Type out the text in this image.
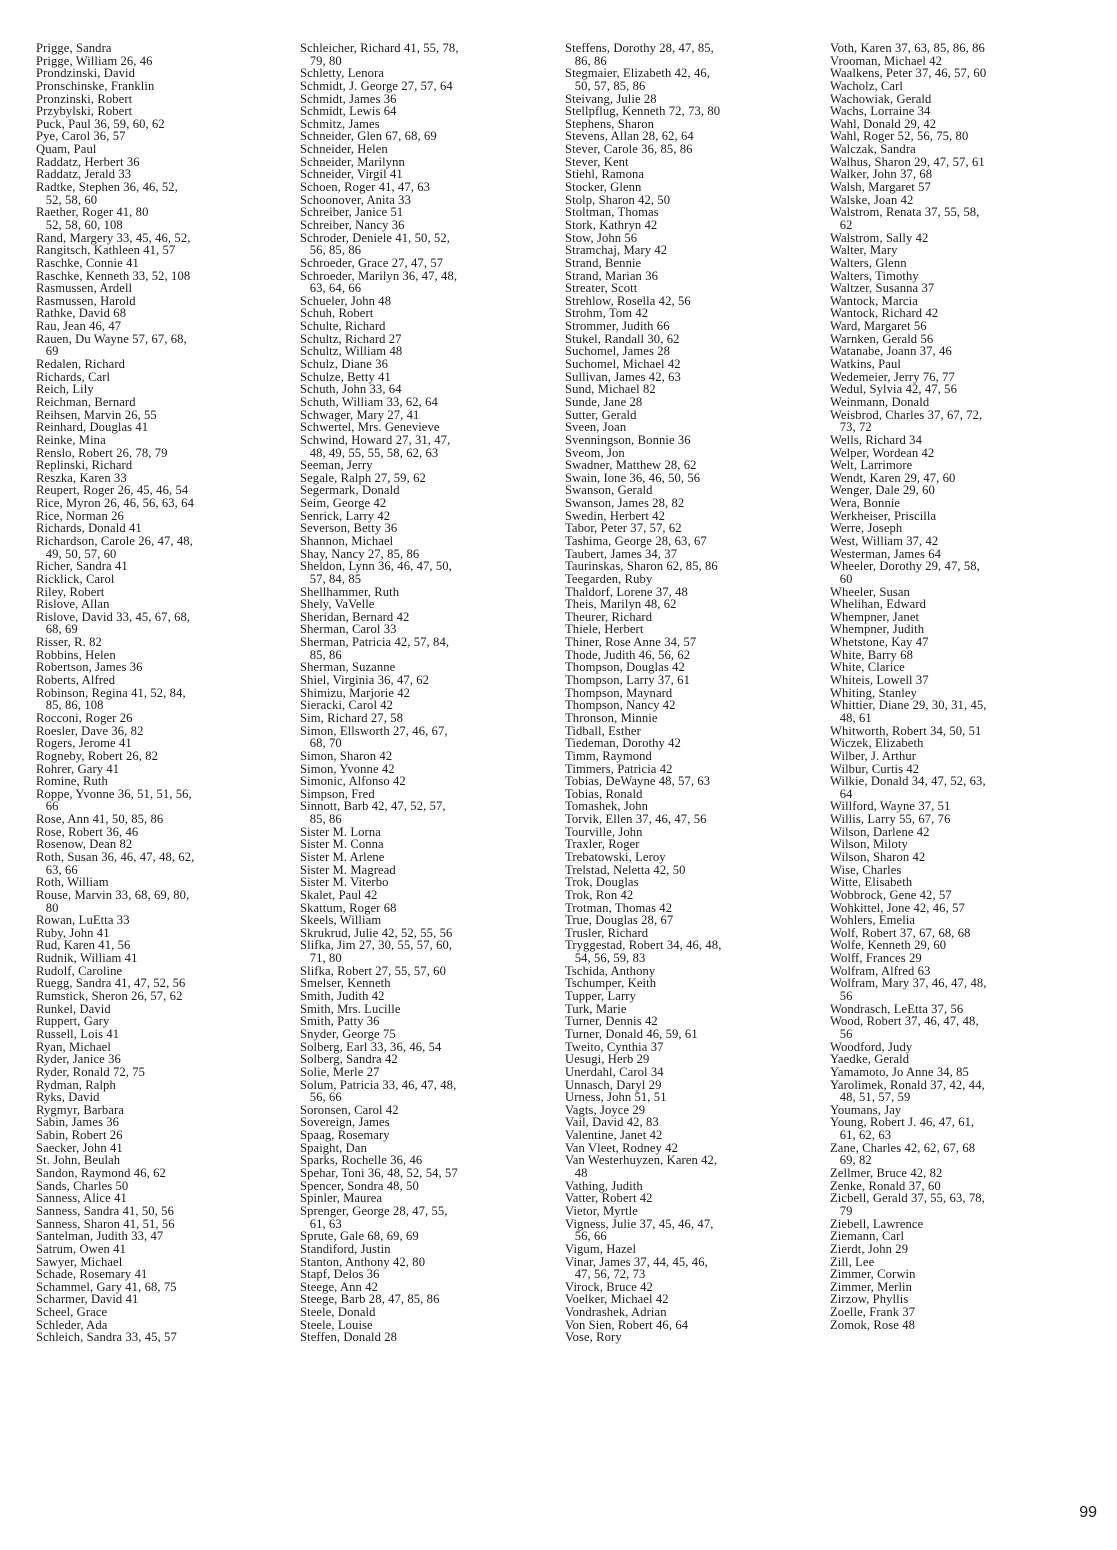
Prigge, Sandra
Prigge, William 26, 46
Prondzinski, David
Pronschinske, Franklin
Pronzinski, Robert
Przybylski, Robert
Puck, Paul 36, 59, 60, 62
Pye, Carol 36, 57
Quam, Paul
Raddatz, Herbert 36
Raddatz, Jerald 33
Radtke, Stephen 36, 46, 52,
52, 58, 60
Raether, Roger 41, 80
52, 58, 60, 108
Rand, Margery 33, 45, 46, 52,
Rangitsch, Kathleen 41, 57
Raschke, Connie 41
Raschke, Kenneth 33, 52, 108
Rasmussen, Ardell
Rasmussen, Harold
Rathke, David 68
Rau, Jean 46, 47
Rauen, Du Wayne 57, 67, 68,
69
Redalen, Richard
Richards, Carl
Reich, Lily
Reichman, Bernard
Reihsen, Marvin 26, 55
Reinhard, Douglas 41
Reinke, Mina
Renslo, Robert 26, 78, 79
Replinski, Richard
Reszka, Karen 33
Reupert, Roger 26, 45, 46, 54
Rice, Myron 26, 46, 56, 63, 64
Rice, Norman 26
Richards, Donald 41
Richardson, Carole 26, 47, 48,
49, 50, 57, 60
Richer, Sandra 41
Ricklick, Carol
Riley, Robert
Rislove, Allan
Rislove, David 33, 45, 67, 68,
68, 69
Risser, R. 82
Robbins, Helen
Robertson, James 36
Roberts, Alfred
Robinson, Regina 41, 52, 84,
85, 86, 108
Rocconi, Roger 26
Roesler, Dave 36, 82
Rogers, Jerome 41
Rogneby, Robert 26, 82
Rohrer, Gary 41
Romine, Ruth
Roppe, Yvonne 36, 51, 51, 56,
66
Rose, Ann 41, 50, 85, 86
Rose, Robert 36, 46
Rosenow, Dean 82
Roth, Susan 36, 46, 47, 48, 62,
63, 66
Roth, William
Rouse, Marvin 33, 68, 69, 80,
80
Rowan, LuEtta 33
Ruby, John 41
Rud, Karen 41, 56
Rudnik, William 41
Rudolf, Caroline
Ruegg, Sandra 41, 47, 52, 56
Rumstick, Sheron 26, 57, 62
Runkel, David
Ruppert, Gary
Russell, Lois 41
Ryan, Michael
Ryder, Janice 36
Ryder, Ronald 72, 75
Rydman, Ralph
Ryks, David
Rygmyr, Barbara
Sabin, James 36
Sabin, Robert 26
Saecker, John 41
St. John, Beulah
Sandon, Raymond 46, 62
Sands, Charles 50
Sanness, Alice 41
Sanness, Sandra 41, 50, 56
Sanness, Sharon 41, 51, 56
Santelman, Judith 33, 47
Satrum, Owen 41
Sawyer, Michael
Schade, Rosemary 41
Schammel, Gary 41, 68, 75
Scharmer, David 41
Scheel, Grace
Schleder, Ada
Schleich, Sandra 33, 45, 57
Schleicher, Richard 41, 55, 78,
79, 80
Schletty, Lenora
Schmidt, J. George 27, 57, 64
Schmidt, James 36
Schmidt, Lewis 64
Schmitz, James
Schneider, Glen 67, 68, 69
Schneider, Helen
Schneider, Marilynn
Schneider, Virgil 41
Schoen, Roger 41, 47, 63
Schoonover, Anita 33
Schreiber, Janice 51
Schreiber, Nancy 36
Schroder, Deniele 41, 50, 52,
56, 85, 86
Schroeder, Grace 27, 47, 57
Schroeder, Marilyn 36, 47, 48,
63, 64, 66
Schueler, John 48
Schuh, Robert
Schulte, Richard
Schultz, Richard 27
Schultz, William 48
Schulz, Diane 36
Schulze, Betty 41
Schuth, John 33, 64
Schuth, William 33, 62, 64
Schwager, Mary 27, 41
Schwertel, Mrs. Genevieve
Schwind, Howard 27, 31, 47,
48, 49, 55, 55, 58, 62, 63
Seeman, Jerry
Segale, Ralph 27, 59, 62
Segermark, Donald
Seim, George 42
Senrick, Larry 42
Severson, Betty 36
Shannon, Michael
Shay, Nancy 27, 85, 86
Sheldon, Lynn 36, 46, 47, 50,
57, 84, 85
Shellhammer, Ruth
Shely, VaVelle
Sheridan, Bernard 42
Sherman, Carol 33
Sherman, Patricia 42, 57, 84,
85, 86
Sherman, Suzanne
Shiel, Virginia 36, 47, 62
Shimizu, Marjorie 42
Sieracki, Carol 42
Sim, Richard 27, 58
Simon, Ellsworth 27, 46, 67,
68, 70
Simon, Sharon 42
Simon, Yvonne 42
Simonic, Alfonso 42
Simpson, Fred
Sinnott, Barb 42, 47, 52, 57,
85, 86
Sister M. Lorna
Sister M. Conna
Sister M. Arlene
Sister M. Magread
Sister M. Viterbo
Skalet, Paul 42
Skattum, Roger 68
Skeels, William
Skrukrud, Julie 42, 52, 55, 56
Slifka, Jim 27, 30, 55, 57, 60,
71, 80
Slifka, Robert 27, 55, 57, 60
Smelser, Kenneth
Smith, Judith 42
Smith, Mrs. Lucille
Smith, Patty 36
Snyder, George 75
Solberg, Earl 33, 36, 46, 54
Solberg, Sandra 42
Solie, Merle 27
Solum, Patricia 33, 46, 47, 48,
56, 66
Soronsen, Carol 42
Sovereign, James
Spaag, Rosemary
Spaight, Dan
Sparks, Rochelle 36, 46
Spehar, Toni 36, 48, 52, 54, 57
Spencer, Sondra 48, 50
Spinler, Maurea
Sprenger, George 28, 47, 55,
61, 63
Sprute, Gale 68, 69, 69
Standiford, Justin
Stanton, Anthony 42, 80
Stapf, Delos 36
Steege, Ann 42
Steege, Barb 28, 47, 85, 86
Steele, Donald
Steele, Louise
Steffen, Donald 28
Steffens, Dorothy 28, 47, 85,
86, 86
Stegmaier, Elizabeth 42, 46,
50, 57, 85, 86
Steivang, Julie 28
Stellpflug, Kenneth 72, 73, 80
Stephens, Sharon
Stevens, Allan 28, 62, 64
Stever, Carole 36, 85, 86
Stever, Kent
Stiehl, Ramona
Stocker, Glenn
Stolp, Sharon 42, 50
Stoltman, Thomas
Stork, Kathryn 42
Stow, John 56
Stramchaj, Mary 42
Strand, Bennie
Strand, Marian 36
Streater, Scott
Strehlow, Rosella 42, 56
Strohm, Tom 42
Strommer, Judith 66
Stukel, Randall 30, 62
Suchomel, James 28
Suchomel, Michael 42
Sullivan, James 42, 63
Sund, Michael 82
Sunde, Jane 28
Sutter, Gerald
Sveen, Joan
Svenningson, Bonnie 36
Sveom, Jon
Swadner, Matthew 28, 62
Swain, Ione 36, 46, 50, 56
Swanson, Gerald
Swanson, James 28, 82
Swedin, Herbert 42
Tabor, Peter 37, 57, 62
Tashima, George 28, 63, 67
Taubert, James 34, 37
Taurinskas, Sharon 62, 85, 86
Teegarden, Ruby
Thaldorf, Lorene 37, 48
Theis, Marilyn 48, 62
Theurer, Richard
Thiele, Herbert
Thiner, Rose Anne 34, 57
Thode, Judith 46, 56, 62
Thompson, Douglas 42
Thompson, Larry 37, 61
Thompson, Maynard
Thompson, Nancy 42
Thronson, Minnie
Tidball, Esther
Tiedeman, Dorothy 42
Timm, Raymond
Timmers, Patricia 42
Tobias, DeWayne 48, 57, 63
Tobias, Ronald
Tomashek, John
Torvik, Ellen 37, 46, 47, 56
Tourville, John
Traxler, Roger
Trebatowski, Leroy
Trelstad, Neletta 42, 50
Trok, Douglas
Trok, Ron 42
Trotman, Thomas 42
True, Douglas 28, 67
Trusler, Richard
Tryggestad, Robert 34, 46, 48,
54, 56, 59, 83
Tschida, Anthony
Tschumper, Keith
Tupper, Larry
Turk, Marie
Turner, Dennis 42
Turner, Donald 46, 59, 61
Tweito, Cynthia 37
Uesugi, Herb 29
Unerdahl, Carol 34
Unnasch, Daryl 29
Urness, John 51, 51
Vagts, Joyce 29
Vail, David 42, 83
Valentine, Janet 42
Van Vleet, Rodney 42
Van Westerhuyzen, Karen 42,
48
Vathing, Judith
Vatter, Robert 42
Vietor, Myrtle
Vigness, Julie 37, 45, 46, 47,
56, 66
Vigum, Hazel
Vinar, James 37, 44, 45, 46,
47, 56, 72, 73
Virock, Bruce 42
Voelker, Michael 42
Vondrashek, Adrian
Von Sien, Robert 46, 64
Vose, Rory
Voth, Karen 37, 63, 85, 86, 86
Vrooman, Michael 42
Waalkens, Peter 37, 46, 57, 60
Wacholz, Carl
Wachowiak, Gerald
Wachs, Lorraine 34
Wahl, Donald 29, 42
Wahl, Roger 52, 56, 75, 80
Walczak, Sandra
Walhus, Sharon 29, 47, 57, 61
Walker, John 37, 68
Walsh, Margaret 57
Walske, Joan 42
Walstrom, Renata 37, 55, 58,
62
Walstrom, Sally 42
Walter, Mary
Walters, Glenn
Walters, Timothy
Waltzer, Susanna 37
Wantock, Marcia
Wantock, Richard 42
Ward, Margaret 56
Warnken, Gerald 56
Watanabe, Joann 37, 46
Watkins, Paul
Wedemeier, Jerry 76, 77
Wedul, Sylvia 42, 47, 56
Weinmann, Donald
Weisbrod, Charles 37, 67, 72,
73, 72
Wells, Richard 34
Welper, Wordean 42
Welt, Larrimore
Wendt, Karen 29, 47, 60
Wenger, Dale 29, 60
Wera, Bonnie
Werkheiser, Priscilla
Werre, Joseph
West, William 37, 42
Westerman, James 64
Wheeler, Dorothy 29, 47, 58,
60
Wheeler, Susan
Whelihan, Edward
Whempner, Janet
Whempner, Judith
Whetstone, Kay 47
White, Barry 68
White, Clarice
Whiteis, Lowell 37
Whiting, Stanley
Whittier, Diane 29, 30, 31, 45,
48, 61
Whitworth, Robert 34, 50, 51
Wiczek, Elizabeth
Wilber, J. Arthur
Wilbur, Curtis 42
Wilkie, Donald 34, 47, 52, 63,
64
Willford, Wayne 37, 51
Willis, Larry 55, 67, 76
Wilson, Darlene 42
Wilson, Miloty
Wilson, Sharon 42
Wise, Charles
Witte, Elisabeth
Wobbrock, Gene 42, 57
Wohkittel, Jone 42, 46, 57
Wohlers, Emelia
Wolf, Robert 37, 67, 68, 68
Wolfe, Kenneth 29, 60
Wolff, Frances 29
Wolfram, Alfred 63
Wolfram, Mary 37, 46, 47, 48,
56
Wondrasch, LeEtta 37, 56
Wood, Robert 37, 46, 47, 48,
56
Woodford, Judy
Yaedke, Gerald
Yamamoto, Jo Anne 34, 85
Yarolimek, Ronald 37, 42, 44,
48, 51, 57, 59
Youmans, Jay
Young, Robert J. 46, 47, 61,
61, 62, 63
Zane, Charles 42, 62, 67, 68
69, 82
Zellmer, Bruce 42, 82
Zenke, Ronald 37, 60
Zicbell, Gerald 37, 55, 63, 78,
79
Ziebell, Lawrence
Ziemann, Carl
Zierdt, John 29
Zill, Lee
Zimmer, Corwin
Zimmer, Merlin
Zirzow, Phyllis
Zoelle, Frank 37
Zomok, Rose 48
99
